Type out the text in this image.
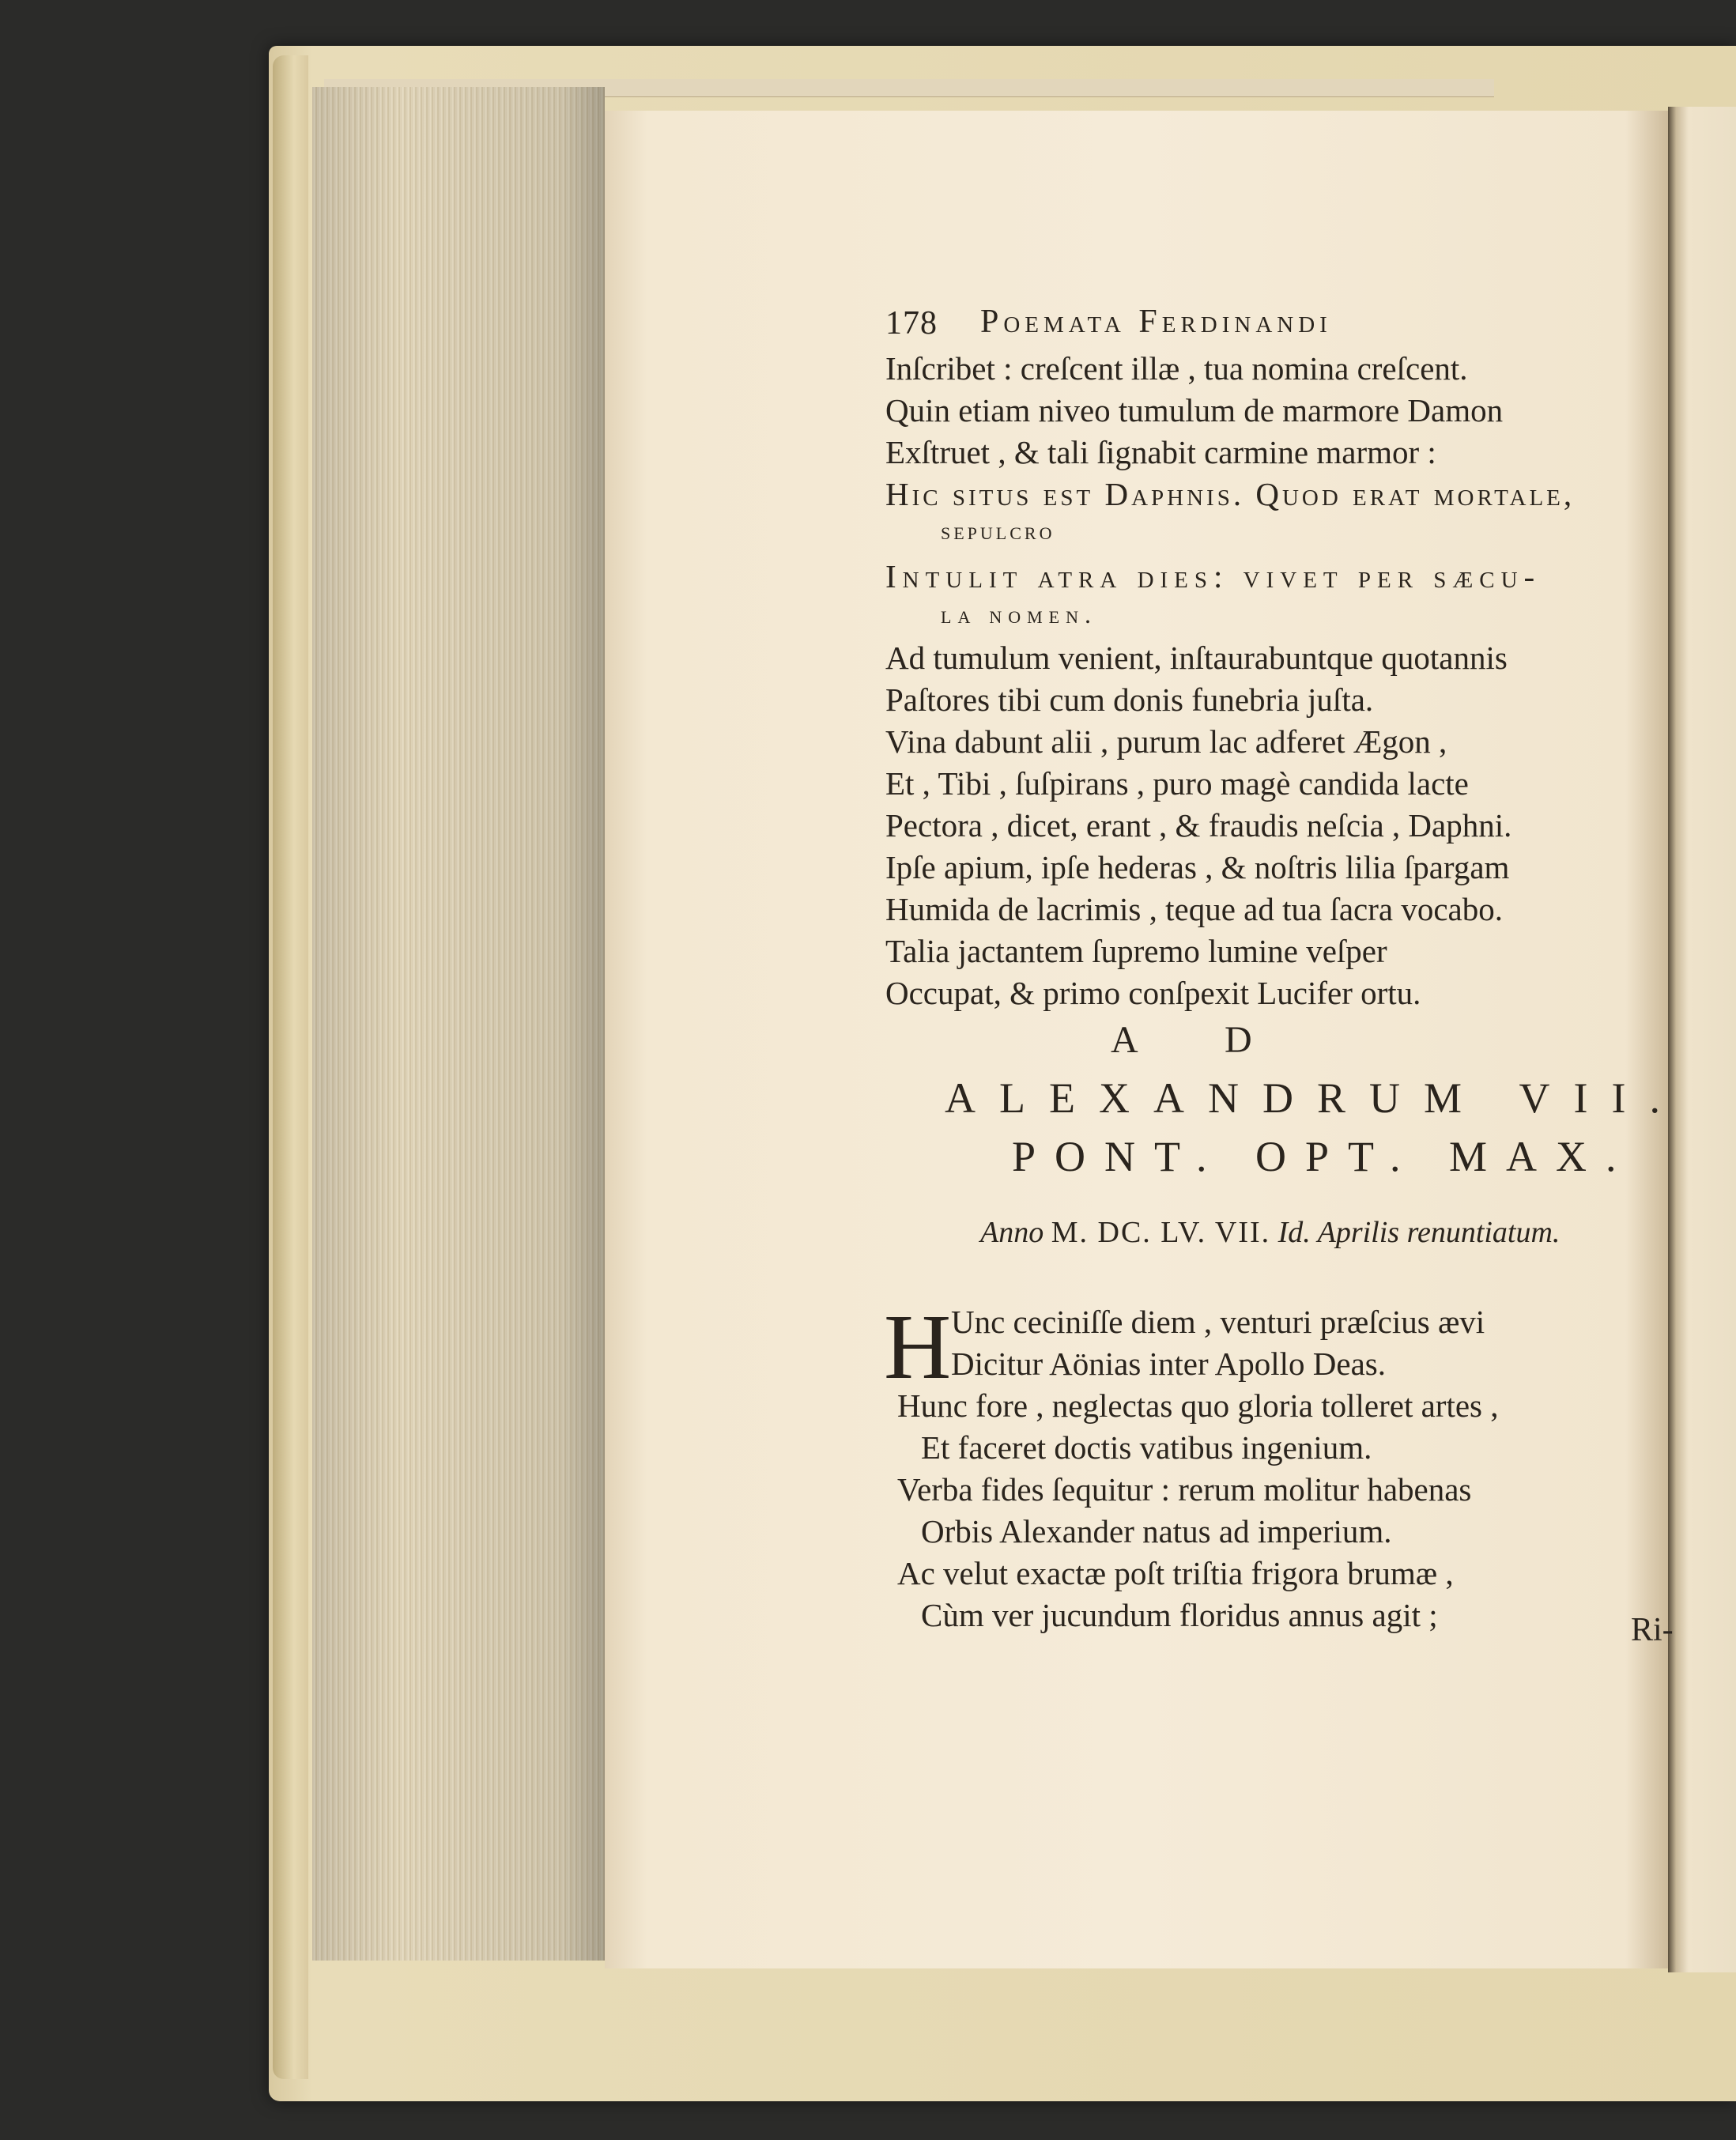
178 Poemata Ferdinandi
Inſcribet : creſcent illæ , tua nomina creſcent.
Quin etiam niveo tumulum de marmore Damon
Exſtruet , & tali ſignabit carmine marmor :
Hic situs est Daphnis. Quod erat mortale,
sepulcro
Intulit atra dies: vivet per sæcu-
la nomen.
Ad tumulum venient, inſtaurabuntque quotannis
Paſtores tibi cum donis funebria juſta.
Vina dabunt alii , purum lac adferet Ægon ,
Et , Tibi , ſuſpirans , puro magè candida lacte
Pectora , dicet, erant , & fraudis neſcia , Daphni.
Ipſe apium, ipſe hederas , & noſtris lilia ſpargam
Humida de lacrimis , teque ad tua ſacra vocabo.
Talia jactantem ſupremo lumine veſper
Occupat, & primo conſpexit Lucifer ortu.
A D
ALEXANDRUM VII.
PONT. OPT. MAX.
Anno M. DC. LV. VII. Id. Aprilis renuntiatum.
H Unc ceciniſſe diem , venturi præſcius ævi
Dicitur Aönias inter Apollo Deas.
Hunc fore , neglectas quo gloria tolleret artes ,
Et faceret doctis vatibus ingenium.
Verba fides ſequitur : rerum molitur habenas
Orbis Alexander natus ad imperium.
Ac velut exactæ poſt triſtia frigora brumæ ,
Cùm ver jucundum floridus annus agit ;	Ri-
